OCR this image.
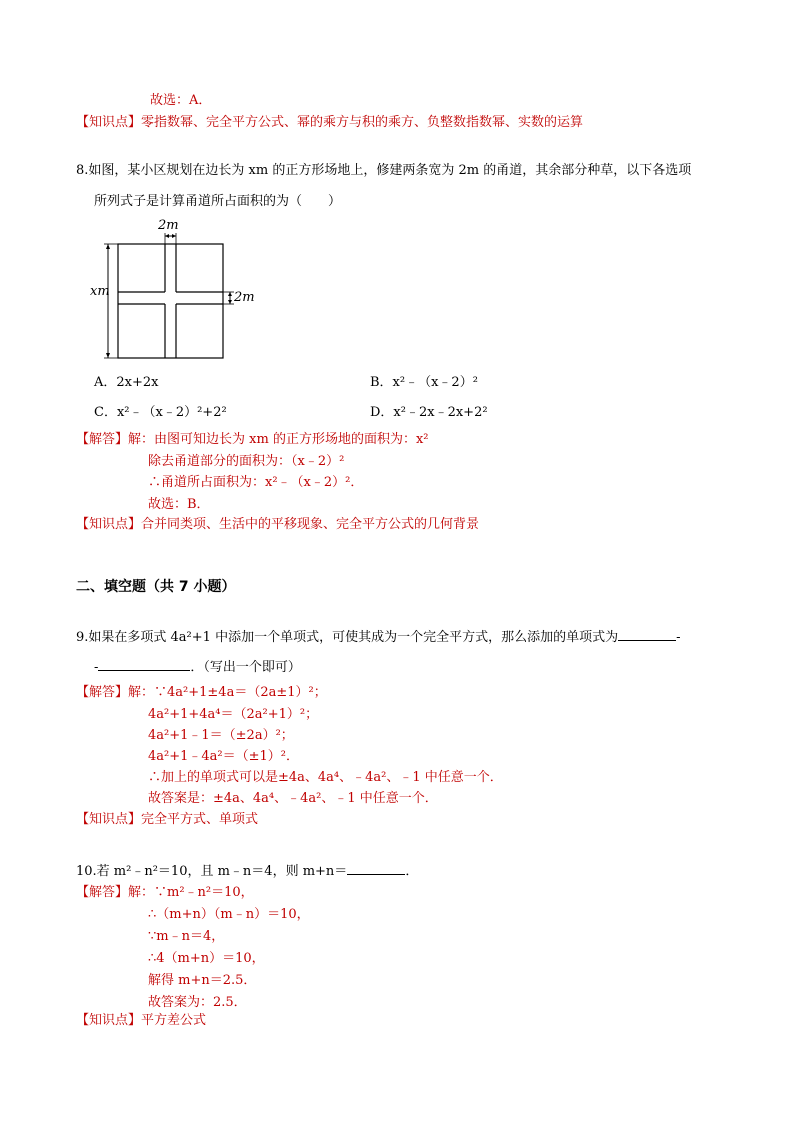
故选：A．
【知识点】零指数幂、完全平方公式、幂的乘方与积的乘方、负整数指数幂、实数的运算
8.如图，某小区规划在边长为 xm 的正方形场地上，修建两条宽为 2m 的甬道，其余部分种草，以下各选项
所列式子是计算甬道所占面积的为（　　）
2m
xm	2m
A．2x+2x	B．x²﹣（x﹣2）²
C．x²﹣（x﹣2）²+2²	D．x²﹣2x﹣2x+2²
【解答】解：由图可知边长为 xm 的正方形场地的面积为：x²
除去甬道部分的面积为：（x﹣2）²
∴甬道所占面积为：x²﹣（x﹣2）²．
故选：B．
【知识点】合并同类项、生活中的平移现象、完全平方公式的几何背景
二、填空题（共 7 小题）
9.如果在多项式 4a²+1 中添加一个单项式，可使其成为一个完全平方式，那么添加的单项式为	-
-	．（写出一个即可）
【解答】解：∵4a²+1±4a＝（2a±1）²；
4a²+1+4a⁴＝（2a²+1）²；
4a²+1﹣1＝（±2a）²；
4a²+1﹣4a²＝（±1）²．
∴加上的单项式可以是±4a、4a⁴、﹣4a²、﹣1 中任意一个．
故答案是：±4a、4a⁴、﹣4a²、﹣1 中任意一个．
【知识点】完全平方式、单项式
10.若 m²﹣n²＝10，且 m﹣n＝4，则 m+n＝	．
【解答】解：∵m²﹣n²＝10，
∴（m+n）（m﹣n）＝10，
∵m﹣n＝4，
∴4（m+n）＝10，
解得 m+n＝2.5．
故答案为：2.5．
【知识点】平方差公式
